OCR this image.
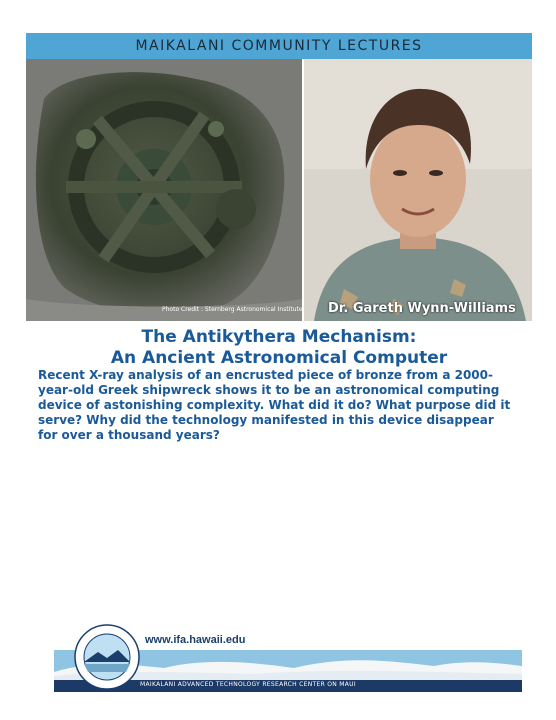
MAIKALANI COMMUNITY LECTURES
Photo Credit : Sternberg Astronomical Institute Dr. Gareth Wynn-Williams
The Antikythera Mechanism:
An Ancient Astronomical Computer
Recent X-ray analysis of an encrusted piece of bronze from a 2000-
year-old Greek shipwreck shows it to be an astronomical computing
device of astonishing complexity. What did it do? What purpose did it
serve? Why did the technology manifested in this device disappear
for over a thousand years?
MAIKALANI ADVANCED TECHNOLOGY RESEARCH CENTER ON MAUI
www.ifa.hawaii.edu
